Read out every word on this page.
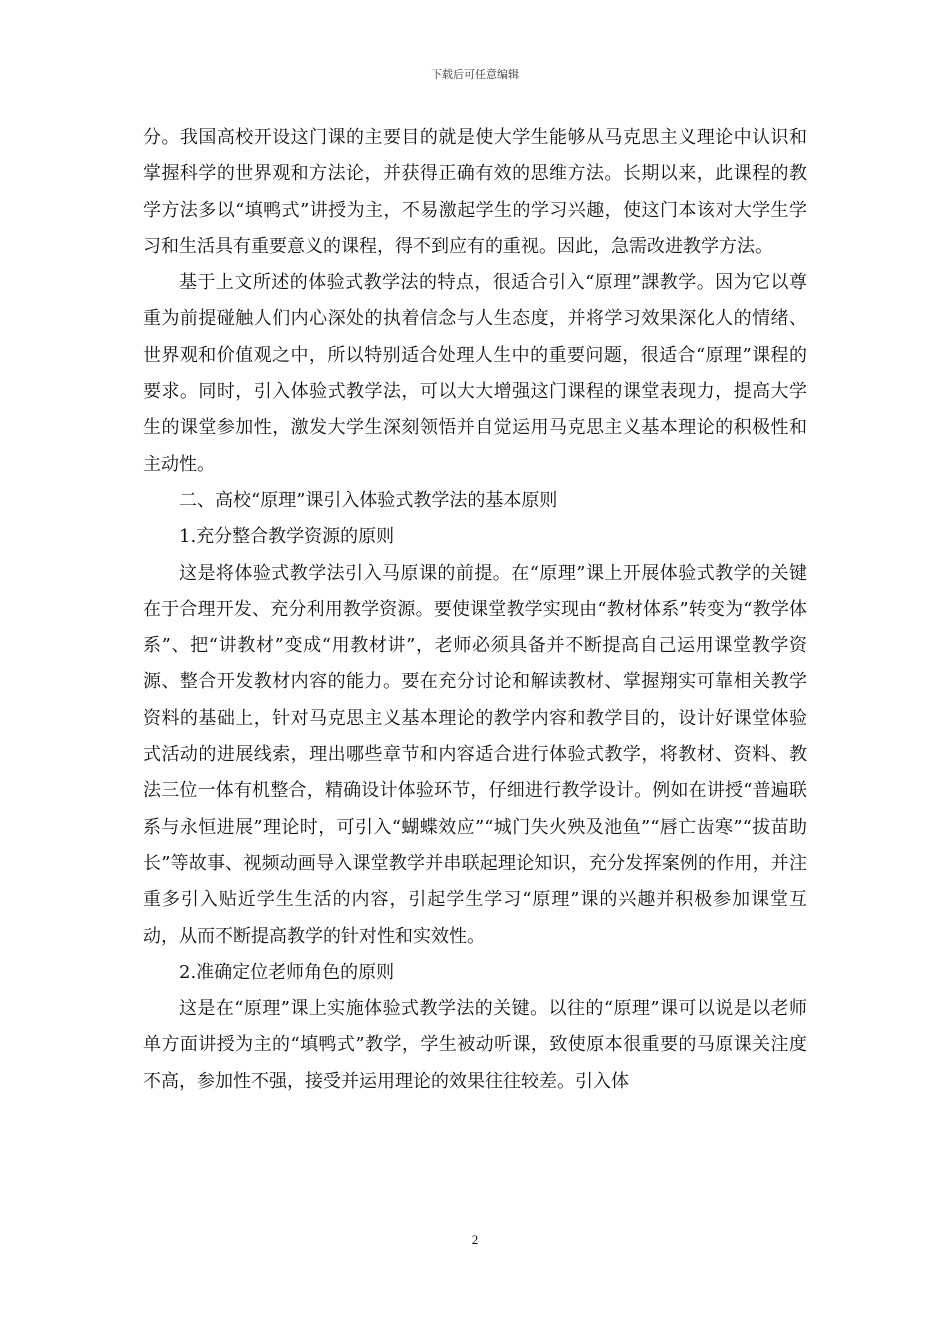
下载后可任意编辑

分。我国高校开设这门课的主要目的就是使大学生能够从马克思主义理论中认识和掌握科学的世界观和方法论，并获得正确有效的思维方法。长期以来，此课程的教学方法多以“填鸭式”讲授为主，不易激起学生的学习兴趣，使这门本该对大学生学习和生活具有重要意义的课程，得不到应有的重视。因此，急需改进教学方法。

基于上文所述的体验式教学法的特点，很适合引入“原理”課教学。因为它以尊重为前提碰触人们内心深处的执着信念与人生态度，并将学习效果深化人的情绪、世界观和价值观之中，所以特别适合处理人生中的重要问题，很适合“原理”课程的要求。同时，引入体验式教学法，可以大大增强这门课程的课堂表现力，提高大学生的课堂参加性，激发大学生深刻领悟并自觉运用马克思主义基本理论的积极性和主动性。

二、高校“原理”课引入体验式教学法的基本原则

1.充分整合教学资源的原则

这是将体验式教学法引入马原课的前提。在“原理”课上开展体验式教学的关键在于合理开发、充分利用教学资源。要使课堂教学实现由“教材体系”转变为“教学体系”、把“讲教材”变成“用教材讲”，老师必须具备并不断提高自己运用课堂教学资源、整合开发教材内容的能力。要在充分讨论和解读教材、掌握翔实可靠相关教学资料的基础上，针对马克思主义基本理论的教学内容和教学目的，设计好课堂体验式活动的进展线索，理出哪些章节和内容适合进行体验式教学，将教材、资料、教法三位一体有机整合，精确设计体验环节，仔细进行教学设计。例如在讲授“普遍联系与永恒进展”理论时，可引入“蝴蝶效应”“城门失火殃及池鱼”“唇亡齿寒”“拔苗助长”等故事、视频动画导入课堂教学并串联起理论知识，充分发挥案例的作用，并注重多引入贴近学生生活的内容，引起学生学习“原理”课的兴趣并积极参加课堂互动，从而不断提高教学的针对性和实效性。

2.准确定位老师角色的原则

这是在“原理”课上实施体验式教学法的关键。以往的“原理”课可以说是以老师单方面讲授为主的“填鸭式”教学，学生被动听课，致使原本很重要的马原课关注度不高，参加性不强，接受并运用理论的效果往往较差。引入体

2
